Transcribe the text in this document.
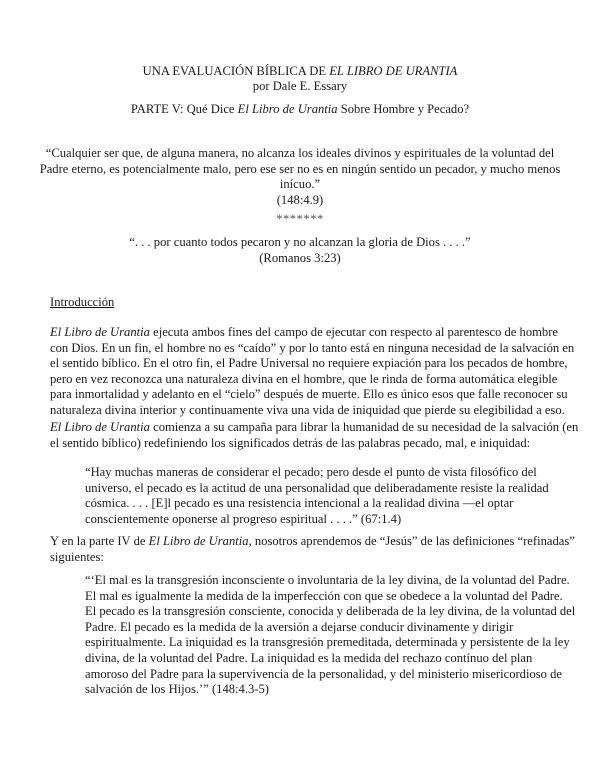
UNA EVALUACIÓN BÍBLICA DE EL LIBRO DE URANTIA
por Dale E. Essary
PARTE V: Qué Dice El Libro de Urantia Sobre Hombre y Pecado?
“Cualquier ser que, de alguna manera, no alcanza los ideales divinos y espirituales de la voluntad del
Padre eterno, es potencialmente malo, pero ese ser no es en ningún sentido un pecador, y mucho menos
inícuo.”
(148:4.9)
*******
“. . . por cuanto todos pecaron y no alcanzan la gloria de Dios . . . .”
(Romanos 3:23)
Introducción
El Libro de Urantia ejecuta ambos fines del campo de ejecutar con respecto al parentesco de hombre
con Dios. En un fin, el hombre no es “caído” y por lo tanto está en ninguna necesidad de la salvación en
el sentido bíblico. En el otro fin, el Padre Universal no requiere expiación para los pecados de hombre,
pero en vez reconozca una naturaleza divina en el hombre, que le rinda de forma automática elegible
para inmortalidad y adelanto en el “cielo” después de muerte. Ello es único esos que falle reconocer su
naturaleza divina interior y continuamente viva una vida de iniquidad que pierde su elegibilidad a eso.
El Libro de Urantia comienza a su campaña para librar la humanidad de su necesidad de la salvación (en
el sentido bíblico) redefiniendo los significados detrás de las palabras pecado, mal, e iniquidad:
“Hay muchas maneras de considerar el pecado; pero desde el punto de vista filosófico del
universo, el pecado es la actitud de una personalidad que deliberadamente resiste la realidad
cósmica. . . . [E]l pecado es una resistencia intencional a la realidad divina —el optar
conscientemente oponerse al progreso espiritual . . . .” (67:1.4)
Y en la parte IV de El Libro de Urantia, nosotros aprendemos de “Jesús” de las definiciones “refinadas”
siguientes:
“‘El mal es la transgresión inconsciente o involuntaria de la ley divina, de la voluntad del Padre.
El mal es igualmente la medida de la imperfección con que se obedece a la voluntad del Padre.
El pecado es la transgresión consciente, conocida y deliberada de la ley divina, de la voluntad del
Padre. El pecado es la medida de la aversión a dejarse conducir divinamente y dirigir
espiritualmente. La iniquidad es la transgresión premeditada, determinada y persistente de la ley
divina, de la voluntad del Padre. La iniquidad es la medida del rechazo contínuo del plan
amoroso del Padre para la supervivencia de la personalidad, y del ministerio misericordioso de
salvación de los Hijos.’” (148:4.3-5)
